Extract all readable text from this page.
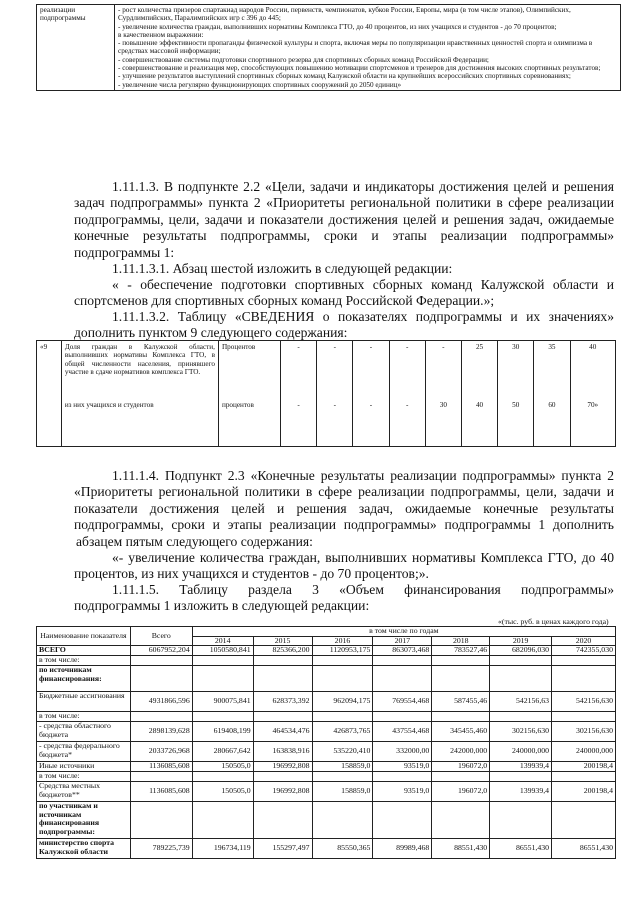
реализации подпрограммы	
- рост количества призеров спартакиад народов России, первенств, чемпионатов, кубков России, Европы, мира (в том числе этапов), Олимпийских, Сурдлимпийских, Паралимпийских игр с 396 до 445;
- увеличение количества граждан, выполнивших нормативы Комплекса ГТО, до 40 процентов, из них учащихся и студентов - до 70 процентов;
в качественном выражении:
- повышение эффективности пропаганды физической культуры и спорта, включая меры по популяризации нравственных ценностей спорта и олимпизма в средствах массовой информации;
- совершенствование системы подготовки спортивного резерва для спортивных сборных команд Российской Федерации;
- совершенствование и реализация мер, способствующих повышению мотивации спортсменов и тренеров для достижения высоких спортивных результатов;
- улучшение результатов выступлений спортивных сборных команд Калужской области на крупнейших всероссийских спортивных соревнованиях;
- увеличение числа регулярно функционирующих спортивных сооружений до 2050 единиц»
1.11.1.3. В подпункте 2.2 «Цели, задачи и индикаторы достижения целей и решения
задач подпрограммы» пункта 2 «Приоритеты региональной политики в сфере реализации
подпрограммы, цели, задачи и показатели достижения целей и решения задач, ожидаемые
конечные результаты подпрограммы, сроки и этапы реализации подпрограммы»
подпрограммы 1:
1.11.1.3.1. Абзац шестой изложить в следующей редакции:
« - обеспечение подготовки спортивных сборных команд Калужской области и
спортсменов для спортивных сборных команд Российской Федерации.»;
1.11.1.3.2. Таблицу «СВЕДЕНИЯ о показателях подпрограммы и их значениях»
дополнить пунктом 9 следующего содержания:
«9	Доля граждан в Калужской области, выполнивших нормативы Комплекса ГТО, в общей численности населения, принявшего участие в сдаче нормативов комплекса ГТО.	Процентов	-	-	-	-	-	25	30	35	40
	из них учащихся и студентов	процентов	-	-	-	-	30	40	50	60	70»
1.11.1.4. Подпункт 2.3 «Конечные результаты реализации подпрограммы» пункта 2
«Приоритеты региональной политики в сфере реализации подпрограммы, цели, задачи и
показатели достижения целей и решения задач, ожидаемые конечные результаты
подпрограммы, сроки и этапы реализации подпрограммы» подпрограммы 1 дополнить
абзацем пятым следующего содержания:
«- увеличение количества граждан, выполнивших нормативы Комплекса ГТО, до 40
процентов, из них учащихся и студентов - до 70 процентов;».
1.11.1.5. Таблицу раздела 3 «Объем финансирования подпрограммы»
подпрограммы 1 изложить в следующей редакции:
«(тыс. руб. в ценах каждого года)
Наименование показателя	Всего	в том числе по годам						
		2014	2015	2016	2017	2018	2019	2020
ВСЕГО	6067952,204	1050580,841	825366,200	1120953,175	863073,468	783527,46	682096,030	742355,030
в том числе:								
по источникам финансирования:								
Бюджетные ассигнования	4931866,596	900075,841	628373,392	962094,175	769554,468	587455,46	542156,63	542156,630
в том числе:								
- средства областного бюджета	2898139,628	619408,199	464534,476	426873,765	437554,468	345455,460	302156,630	302156,630
- средства федерального бюджета*	2033726,968	280667,642	163838,916	535220,410	332000,00	242000,000	240000,000	240000,000
Иные источники	1136085,608	150505,0	196992,808	158859,0	93519,0	196072,0	139939,4	200198,4
в том числе:								
Средства местных бюджетов**	1136085,608	150505,0	196992,808	158859,0	93519,0	196072,0	139939,4	200198,4
по участникам и источникам финансирования подпрограммы:								
министерство спорта Калужской области	789225,739	196734,119	155297,497	85550,365	89989,468	88551,430	86551,430	86551,430
